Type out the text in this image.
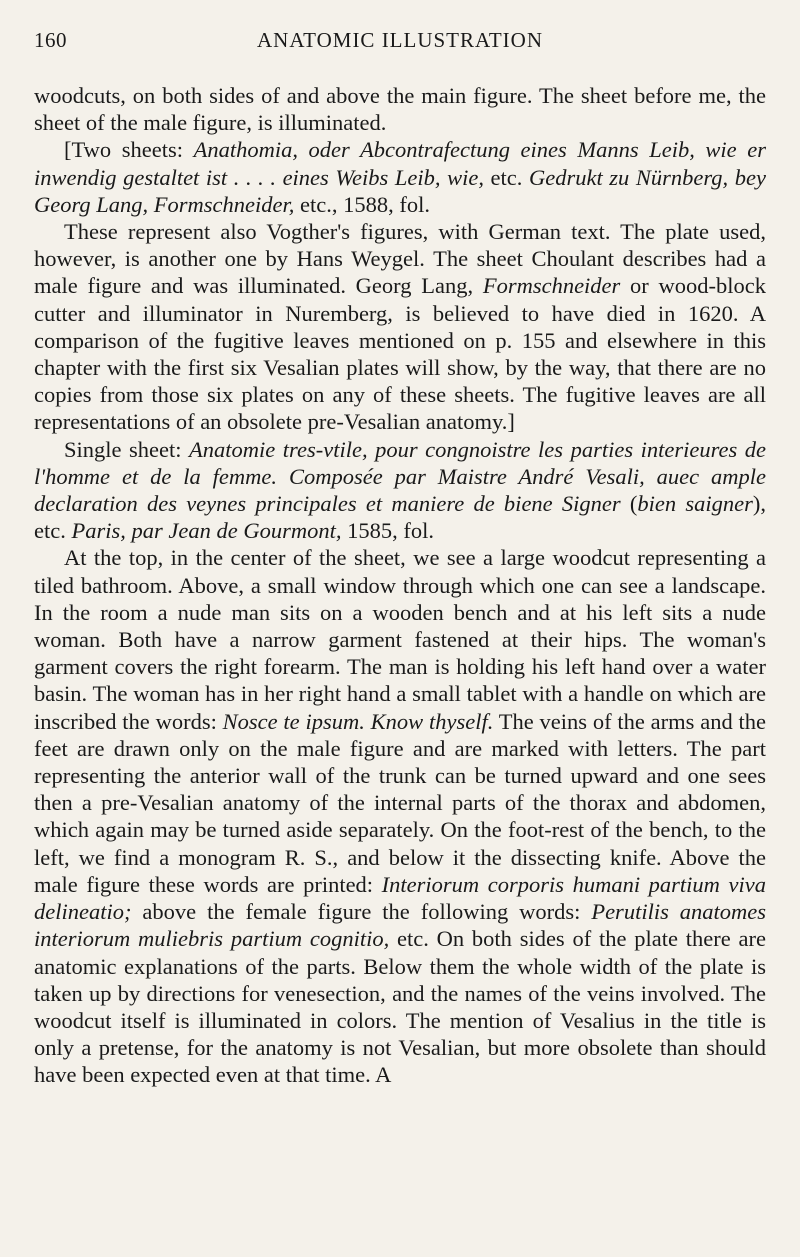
160	ANATOMIC ILLUSTRATION

woodcuts, on both sides of and above the main figure. The sheet before me, the sheet of the male figure, is illuminated.

[Two sheets: Anathomia, oder Abcontrafectung eines Manns Leib, wie er inwendig gestaltet ist . . . . eines Weibs Leib, wie, etc. Gedrukt zu Nürnberg, bey Georg Lang, Formschneider, etc., 1588, fol.

These represent also Vogther's figures, with German text. The plate used, however, is another one by Hans Weygel. The sheet Choulant describes had a male figure and was illuminated. Georg Lang, Formschneider or wood-block cutter and illuminator in Nuremberg, is believed to have died in 1620. A comparison of the fugitive leaves mentioned on p. 155 and elsewhere in this chapter with the first six Vesalian plates will show, by the way, that there are no copies from those six plates on any of these sheets. The fugitive leaves are all representations of an obsolete pre-Vesalian anatomy.]

Single sheet: Anatomie tres-vtile, pour congnoistre les parties interieures de l'homme et de la femme. Composée par Maistre André Vesali, auec ample declaration des veynes principales et maniere de biene Signer (bien saigner), etc. Paris, par Jean de Gourmont, 1585, fol.

At the top, in the center of the sheet, we see a large woodcut representing a tiled bathroom. Above, a small window through which one can see a landscape. In the room a nude man sits on a wooden bench and at his left sits a nude woman. Both have a narrow garment fastened at their hips. The woman's garment covers the right forearm. The man is holding his left hand over a water basin. The woman has in her right hand a small tablet with a handle on which are inscribed the words: Nosce te ipsum. Know thyself. The veins of the arms and the feet are drawn only on the male figure and are marked with letters. The part representing the anterior wall of the trunk can be turned upward and one sees then a pre-Vesalian anatomy of the internal parts of the thorax and abdomen, which again may be turned aside separately. On the foot-rest of the bench, to the left, we find a monogram R. S., and below it the dissecting knife. Above the male figure these words are printed: Interiorum corporis humani partium viva delineatio; above the female figure the following words: Perutilis anatomes interiorum muliebris partium cognitio, etc. On both sides of the plate there are anatomic explanations of the parts. Below them the whole width of the plate is taken up by directions for venesection, and the names of the veins involved. The woodcut itself is illuminated in colors. The mention of Vesalius in the title is only a pretense, for the anatomy is not Vesalian, but more obsolete than should have been expected even at that time. A
